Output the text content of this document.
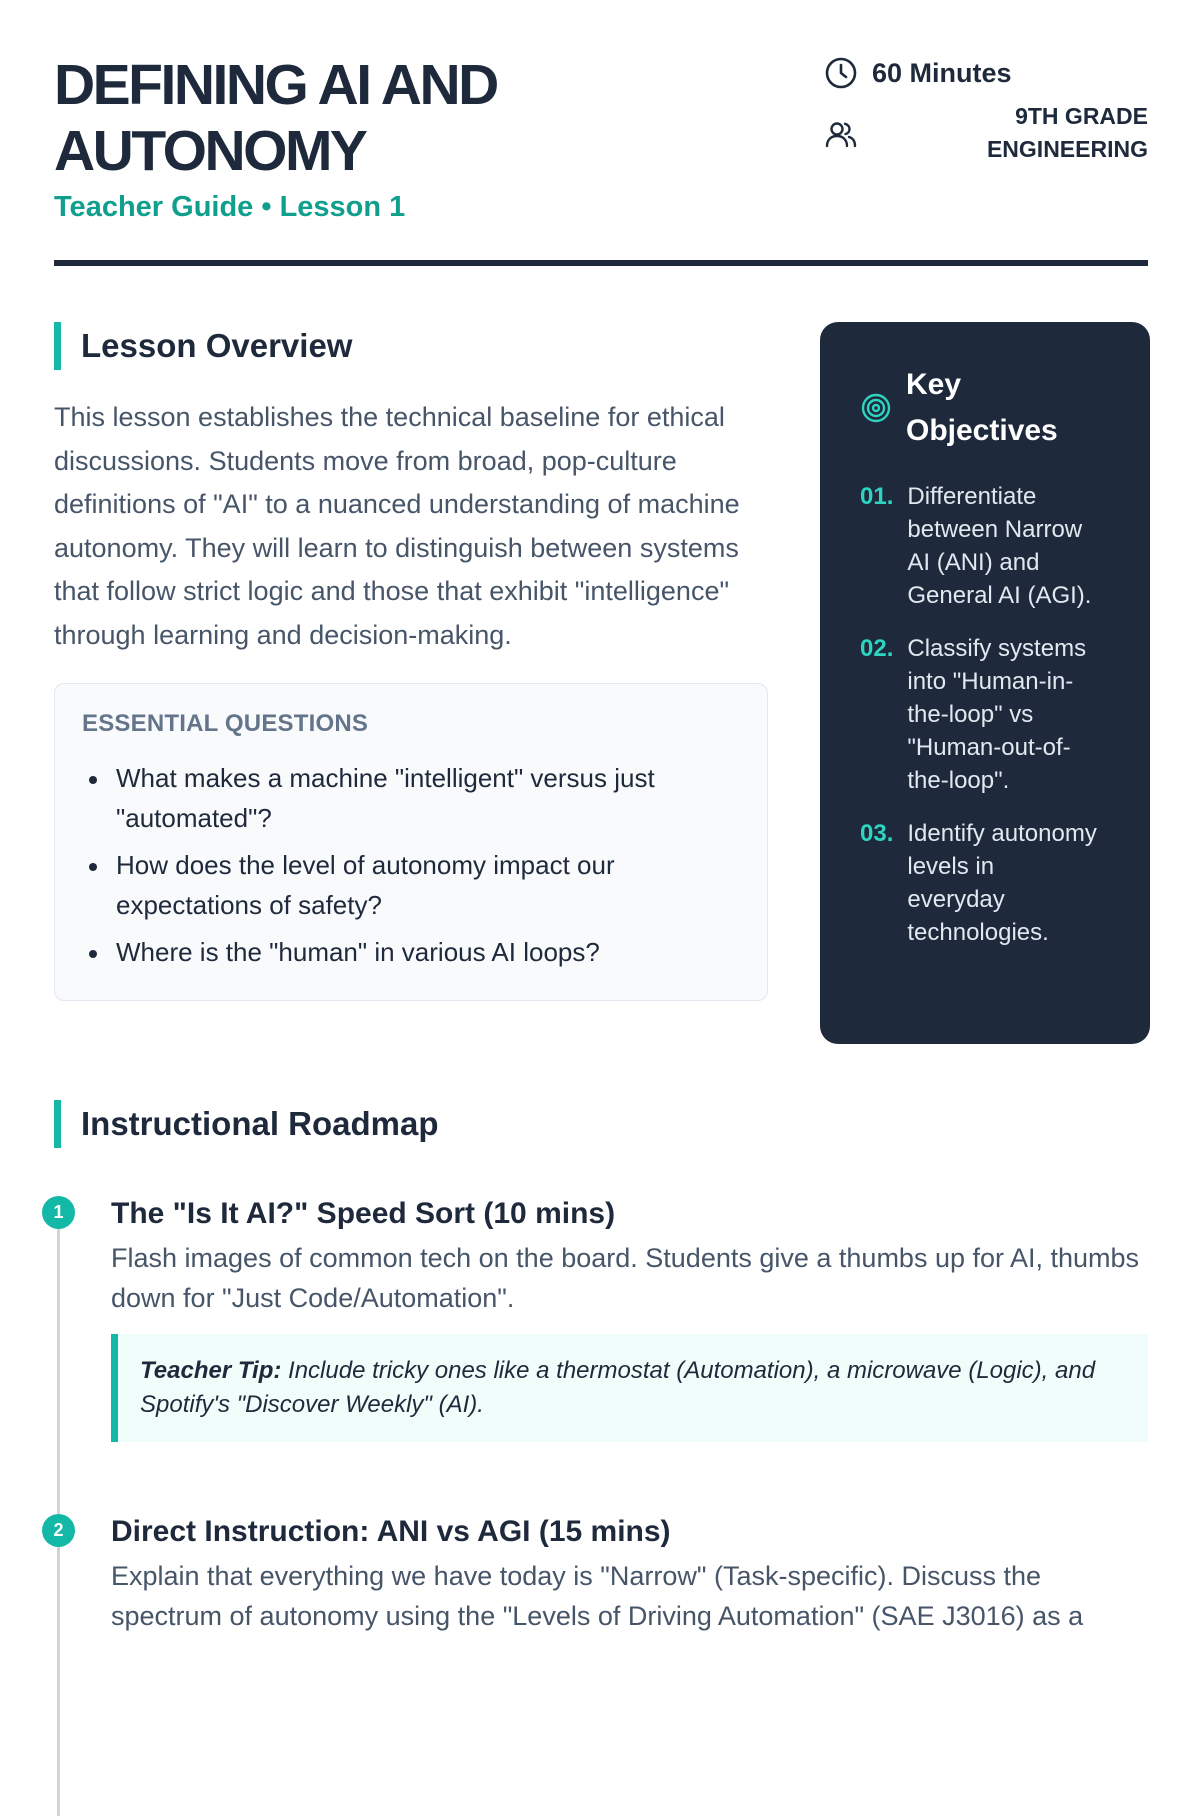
DEFINING AI AND AUTONOMY
Teacher Guide • Lesson 1
60 Minutes
9TH GRADE ENGINEERING
Lesson Overview

This lesson establishes the technical baseline for ethical discussions. Students move from broad, pop-culture definitions of "AI" to a nuanced understanding of machine autonomy. They will learn to distinguish between systems that follow strict logic and those that exhibit "intelligence" through learning and decision-making.

ESSENTIAL QUESTIONS
What makes a machine "intelligent" versus just "automated"?
How does the level of autonomy impact our expectations of safety?
Where is the "human" in various AI loops?
Key Objectives
01. Differentiate between Narrow AI (ANI) and General AI (AGI).
02. Classify systems into "Human-in-the-loop" vs "Human-out-of-the-loop".
03. Identify autonomy levels in everyday technologies.
Instructional Roadmap
1	The "Is It AI?" Speed Sort (10 mins)
Flash images of common tech on the board. Students give a thumbs up for AI, thumbs down for "Just Code/Automation".
Teacher Tip: Include tricky ones like a thermostat (Automation), a microwave (Logic), and Spotify's "Discover Weekly" (AI).
2	Direct Instruction: ANI vs AGI (15 mins)
Explain that everything we have today is "Narrow" (Task-specific). Discuss the spectrum of autonomy using the "Levels of Driving Automation" (SAE J3016) as a
